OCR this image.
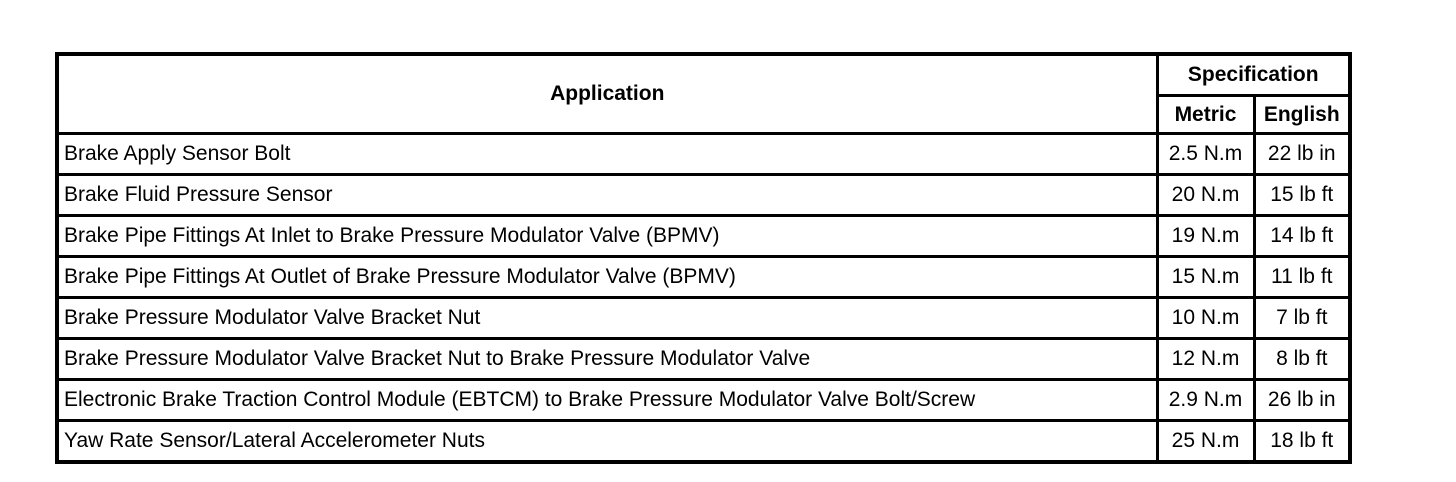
Application	Specification	
	Metric	English
Brake Apply Sensor Bolt	2.5 N.m	22 lb in
Brake Fluid Pressure Sensor	20 N.m	15 lb ft
Brake Pipe Fittings At Inlet to Brake Pressure Modulator Valve (BPMV)	19 N.m	14 lb ft
Brake Pipe Fittings At Outlet of Brake Pressure Modulator Valve (BPMV)	15 N.m	11 lb ft
Brake Pressure Modulator Valve Bracket Nut	10 N.m	7 lb ft
Brake Pressure Modulator Valve Bracket Nut to Brake Pressure Modulator Valve	12 N.m	8 lb ft
Electronic Brake Traction Control Module (EBTCM) to Brake Pressure Modulator Valve Bolt/Screw	2.9 N.m	26 lb in
Yaw Rate Sensor/Lateral Accelerometer Nuts	25 N.m	18 lb ft
